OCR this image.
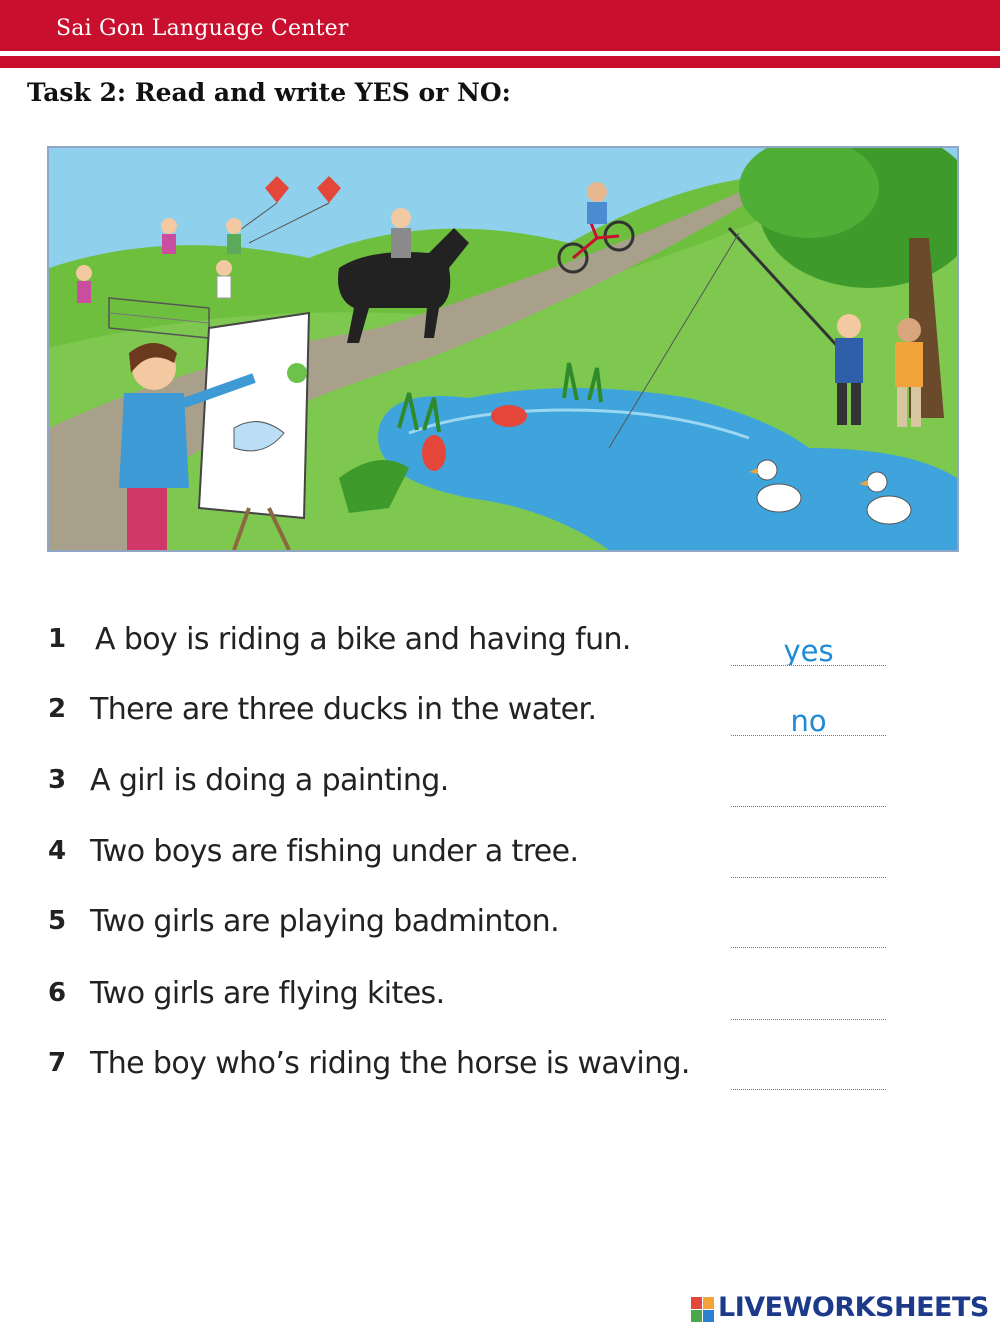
Sai Gon Language Center
Task 2: Read and write YES or NO:
1 A boy is riding a bike and having fun.
yes
2 There are three ducks in the water.
no
3 A girl is doing a painting.
4 Two boys are fishing under a tree.
5 Two girls are playing badminton.
6 Two girls are flying kites.
7 The boy who’s riding the horse is waving.
LIVEWORKSHEETS
